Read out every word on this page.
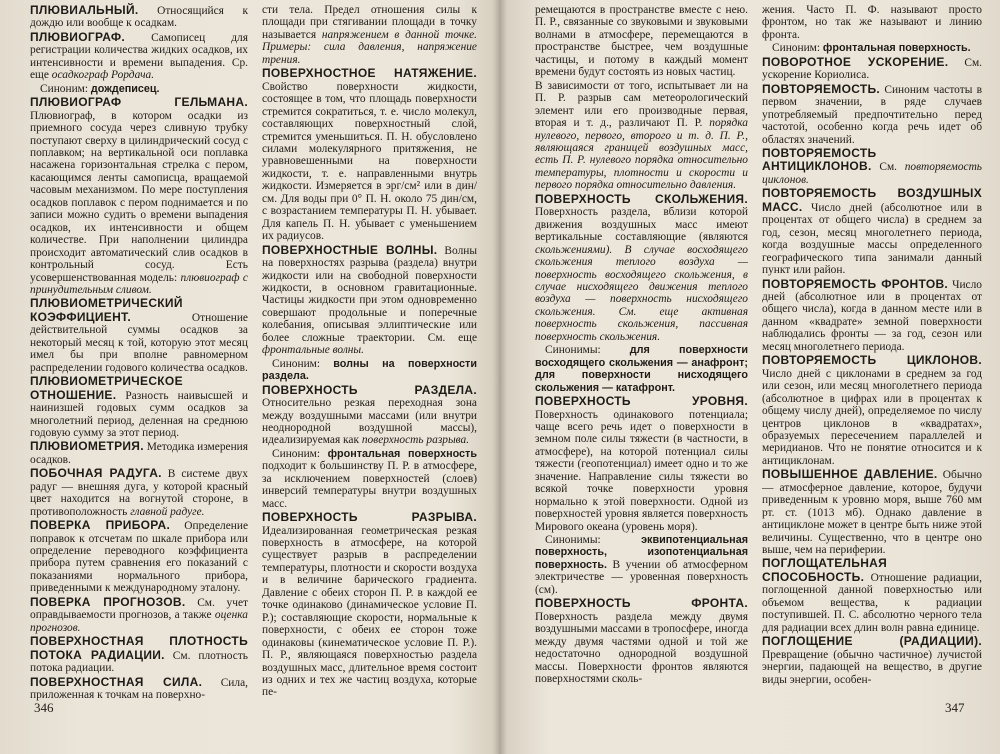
ПЛЮВИАЛЬНЫЙ. Относящийся к дождю или вообще к осадкам.

ПЛЮВИОГРАФ. Самописец для регистрации количества жидких осадков, их интенсивности и времени выпадения. Ср. еще осадкограф Рордача.

Синоним: дождеписец.

ПЛЮВИОГРАФ ГЕЛЬМАНА. Плювиограф, в котором осадки из приемного сосуда через сливную трубку поступают сверху в цилиндрический сосуд с поплавком; на вертикальной оси поплавка насажена горизонтальная стрелка с пером, касающимся ленты самописца, вращаемой часовым механизмом. По мере поступления осадков поплавок с пером поднимается и по записи можно судить о времени выпадения осадков, их интенсивности и общем количестве. При наполнении цилиндра происходит автоматический слив осадков в контрольный сосуд. Есть усовершенствованная модель: плювиограф с принудительным сливом.

ПЛЮВИОМЕТРИЧЕСКИЙ КОЭФФИЦИЕНТ.	Отношение действительной суммы осадков за некоторый месяц к той, которую этот месяц имел бы при вполне равномерном распределении годового количества осадков.

ПЛЮВИОМЕТРИЧЕСКОЕ ОТНОШЕНИЕ. Разность наивысшей и наинизшей годовых сумм осадков за многолетний период, деленная на среднюю годовую сумму за этот период.

ПЛЮВИОМЕТРИЯ. Методика измерения осадков.

ПОБОЧНАЯ РАДУГА. В системе двух радуг — внешняя дуга, у которой красный цвет находится на вогнутой стороне, в противоположность главной радуге.

ПОВЕРКА ПРИБОРА. Определение поправок к отсчетам по шкале прибора или определение переводного коэффициента прибора путем сравнения его показаний с показаниями нормального прибора, приведенными к международному эталону.

ПОВЕРКА ПРОГНОЗОВ. См. учет оправдываемости прогнозов, а также оценка прогнозов.

ПОВЕРХНОСТНАЯ ПЛОТНОСТЬ ПОТОКА РАДИАЦИИ. См. плотность потока радиации.

ПОВЕРХНОСТНАЯ СИЛА. Сила, приложенная к точкам на поверхно-

сти тела. Предел отношения силы к площади при стягивании площади в точку называется напряжением в данной точке. Примеры: сила давления, напряжение трения.

ПОВЕРХНОСТНОЕ НАТЯЖЕНИЕ. Свойство поверхности жидкости, состоящее в том, что площадь поверхности стремится сократиться, т. е. число молекул, составляющих поверхностный слой, стремится уменьшиться. П. Н. обусловлено силами молекулярного притяжения, не уравновешенными на поверхности жидкости, т. е. направленными внутрь жидкости. Измеряется в эрг/см² или в дин/см. Для воды при 0° П. Н. около 75 дин/см, с возрастанием температуры П. Н. убывает. Для капель П. Н. убывает с уменьшением их радиусов.

ПОВЕРХНОСТНЫЕ ВОЛНЫ. Волны на поверхностях разрыва (раздела) внутри жидкости или на свободной поверхности жидкости, в основном гравитационные. Частицы жидкости при этом одновременно совершают продольные и поперечные колебания, описывая эллиптические или более сложные траектории. См. еще фронтальные волны.

Синоним: волны на поверхности раздела.

ПОВЕРХНОСТЬ РАЗДЕЛА. Относительно резкая переходная зона между воздушными массами (или внутри неоднородной воздушной массы), идеализируемая как поверхность разрыва.

Синоним: фронтальная поверхность подходит к большинству П. Р. в атмосфере, за исключением поверхностей (слоев) инверсий температуры внутри воздушных масс.

ПОВЕРХНОСТЬ РАЗРЫВА. Идеализированная геометрическая резкая поверхность в атмосфере, на которой существует разрыв в распределении температуры, плотности и скорости воздуха и в величине барического градиента. Давление с обеих сторон П. Р. в каждой ее точке одинаково (динамическое условие П. Р.); составляющие скорости, нормальные к поверхности, с обеих ее сторон тоже одинаковы (кинематическое условие П. Р.). П. Р., являющаяся поверхностью раздела воздушных масс, длительное время состоит из одних и тех же частиц воздуха, которые пе-

346

ремещаются в пространстве вместе с нею. П. Р., связанные со звуковыми и звуковыми волнами в атмосфере, перемещаются в пространстве быстрее, чем воздушные частицы, и потому в каждый момент времени будут состоять из новых частиц.

В зависимости от того, испытывает ли на П. Р. разрыв сам метеорологический элемент или его производные первая, вторая и т. д., различают П. Р. порядка нулевого, первого, второго и т. д. П. Р., являющаяся границей воздушных масс, есть П. Р. нулевого порядка относительно температуры, плотности и скорости и первого порядка относительно давления.

ПОВЕРХНОСТЬ СКОЛЬЖЕНИЯ. Поверхность раздела, вблизи которой движения воздушных масс имеют вертикальные составляющие (являются скольжениями). В случае восходящего скольжения теплого воздуха — поверхность восходящего скольжения, в случае нисходящего движения теплого воздуха — поверхность нисходящего скольжения. См. еще активная поверхность скольжения, пассивная поверхность скольжения.

Синонимы:	для поверхности восходящего скольжения — анафронт; для поверхности нисходящего скольжения — катафронт.

ПОВЕРХНОСТЬ УРОВНЯ. Поверхность одинакового потенциала; чаще всего речь идет о поверхности в земном поле силы тяжести (в частности, в атмосфере), на которой потенциал силы тяжести (геопотенциал) имеет одно и то же значение. Направление силы тяжести во всякой точке поверхности уровня нормально к этой поверхности. Одной из поверхностей уровня является поверхность Мирового океана (уровень моря).

Синонимы:	эквипотенциальная поверхность, изопотенциальная поверхность. В учении об атмосферном электричестве — уровенная поверхность (см).

ПОВЕРХНОСТЬ ФРОНТА. Поверхность раздела между двумя воздушными массами в тропосфере, иногда между двумя частями одной и той же недостаточно однородной воздушной массы. Поверхности фронтов являются поверхностями сколь-

жения. Часто П. Ф. называют просто фронтом, но так же называют и линию фронта.

Синоним: фронтальная поверхность.

ПОВОРОТНОЕ УСКОРЕНИЕ. См. ускорение Кориолиса.

ПОВТОРЯЕМОСТЬ. Синоним частоты в первом значении, в ряде случаев употребляемый предпочтительно перед частотой, особенно когда речь идет об областях значений.

ПОВТОРЯЕМОСТЬ АНТИЦИКЛОНОВ. См. повторяемость циклонов.

ПОВТОРЯЕМОСТЬ ВОЗДУШНЫХ МАСС. Число дней (абсолютное или в процентах от общего числа) в среднем за год, сезон, месяц многолетнего периода, когда воздушные массы определенного географического типа занимали данный пункт или район.

ПОВТОРЯЕМОСТЬ ФРОНТОВ. Число дней (абсолютное или в процентах от общего числа), когда в данном месте или в данном «квадрате» земной поверхности наблюдались фронты — за год, сезон или месяц многолетнего периода.

ПОВТОРЯЕМОСТЬ ЦИКЛОНОВ. Число дней с циклонами в среднем за год или сезон, или месяц многолетнего периода (абсолютное в цифрах или в процентах к общему числу дней), определяемое по числу центров циклонов в «квадратах», образуемых пересечением параллелей и меридианов. Что не понятие относится и к антициклонам.

ПОВЫШЕННОЕ ДАВЛЕНИЕ. Обычно — атмосферное давление, которое, будучи приведенным к уровню моря, выше 760 мм рт. ст. (1013 мб). Однако давление в антициклоне может в центре быть ниже этой величины. Существенно, что в центре оно выше, чем на периферии.

ПОГЛОЩАТЕЛЬНАЯ СПОСОБНОСТЬ. Отношение радиации, поглощенной данной поверхностью или объемом вещества, к радиации поступившей. П. С. абсолютно черного тела для радиации всех длин волн равна единице.

ПОГЛОЩЕНИЕ (РАДИАЦИИ). Превращение (обычно частичное) лучистой энергии, падающей на вещество, в другие виды энергии, особен-

347
